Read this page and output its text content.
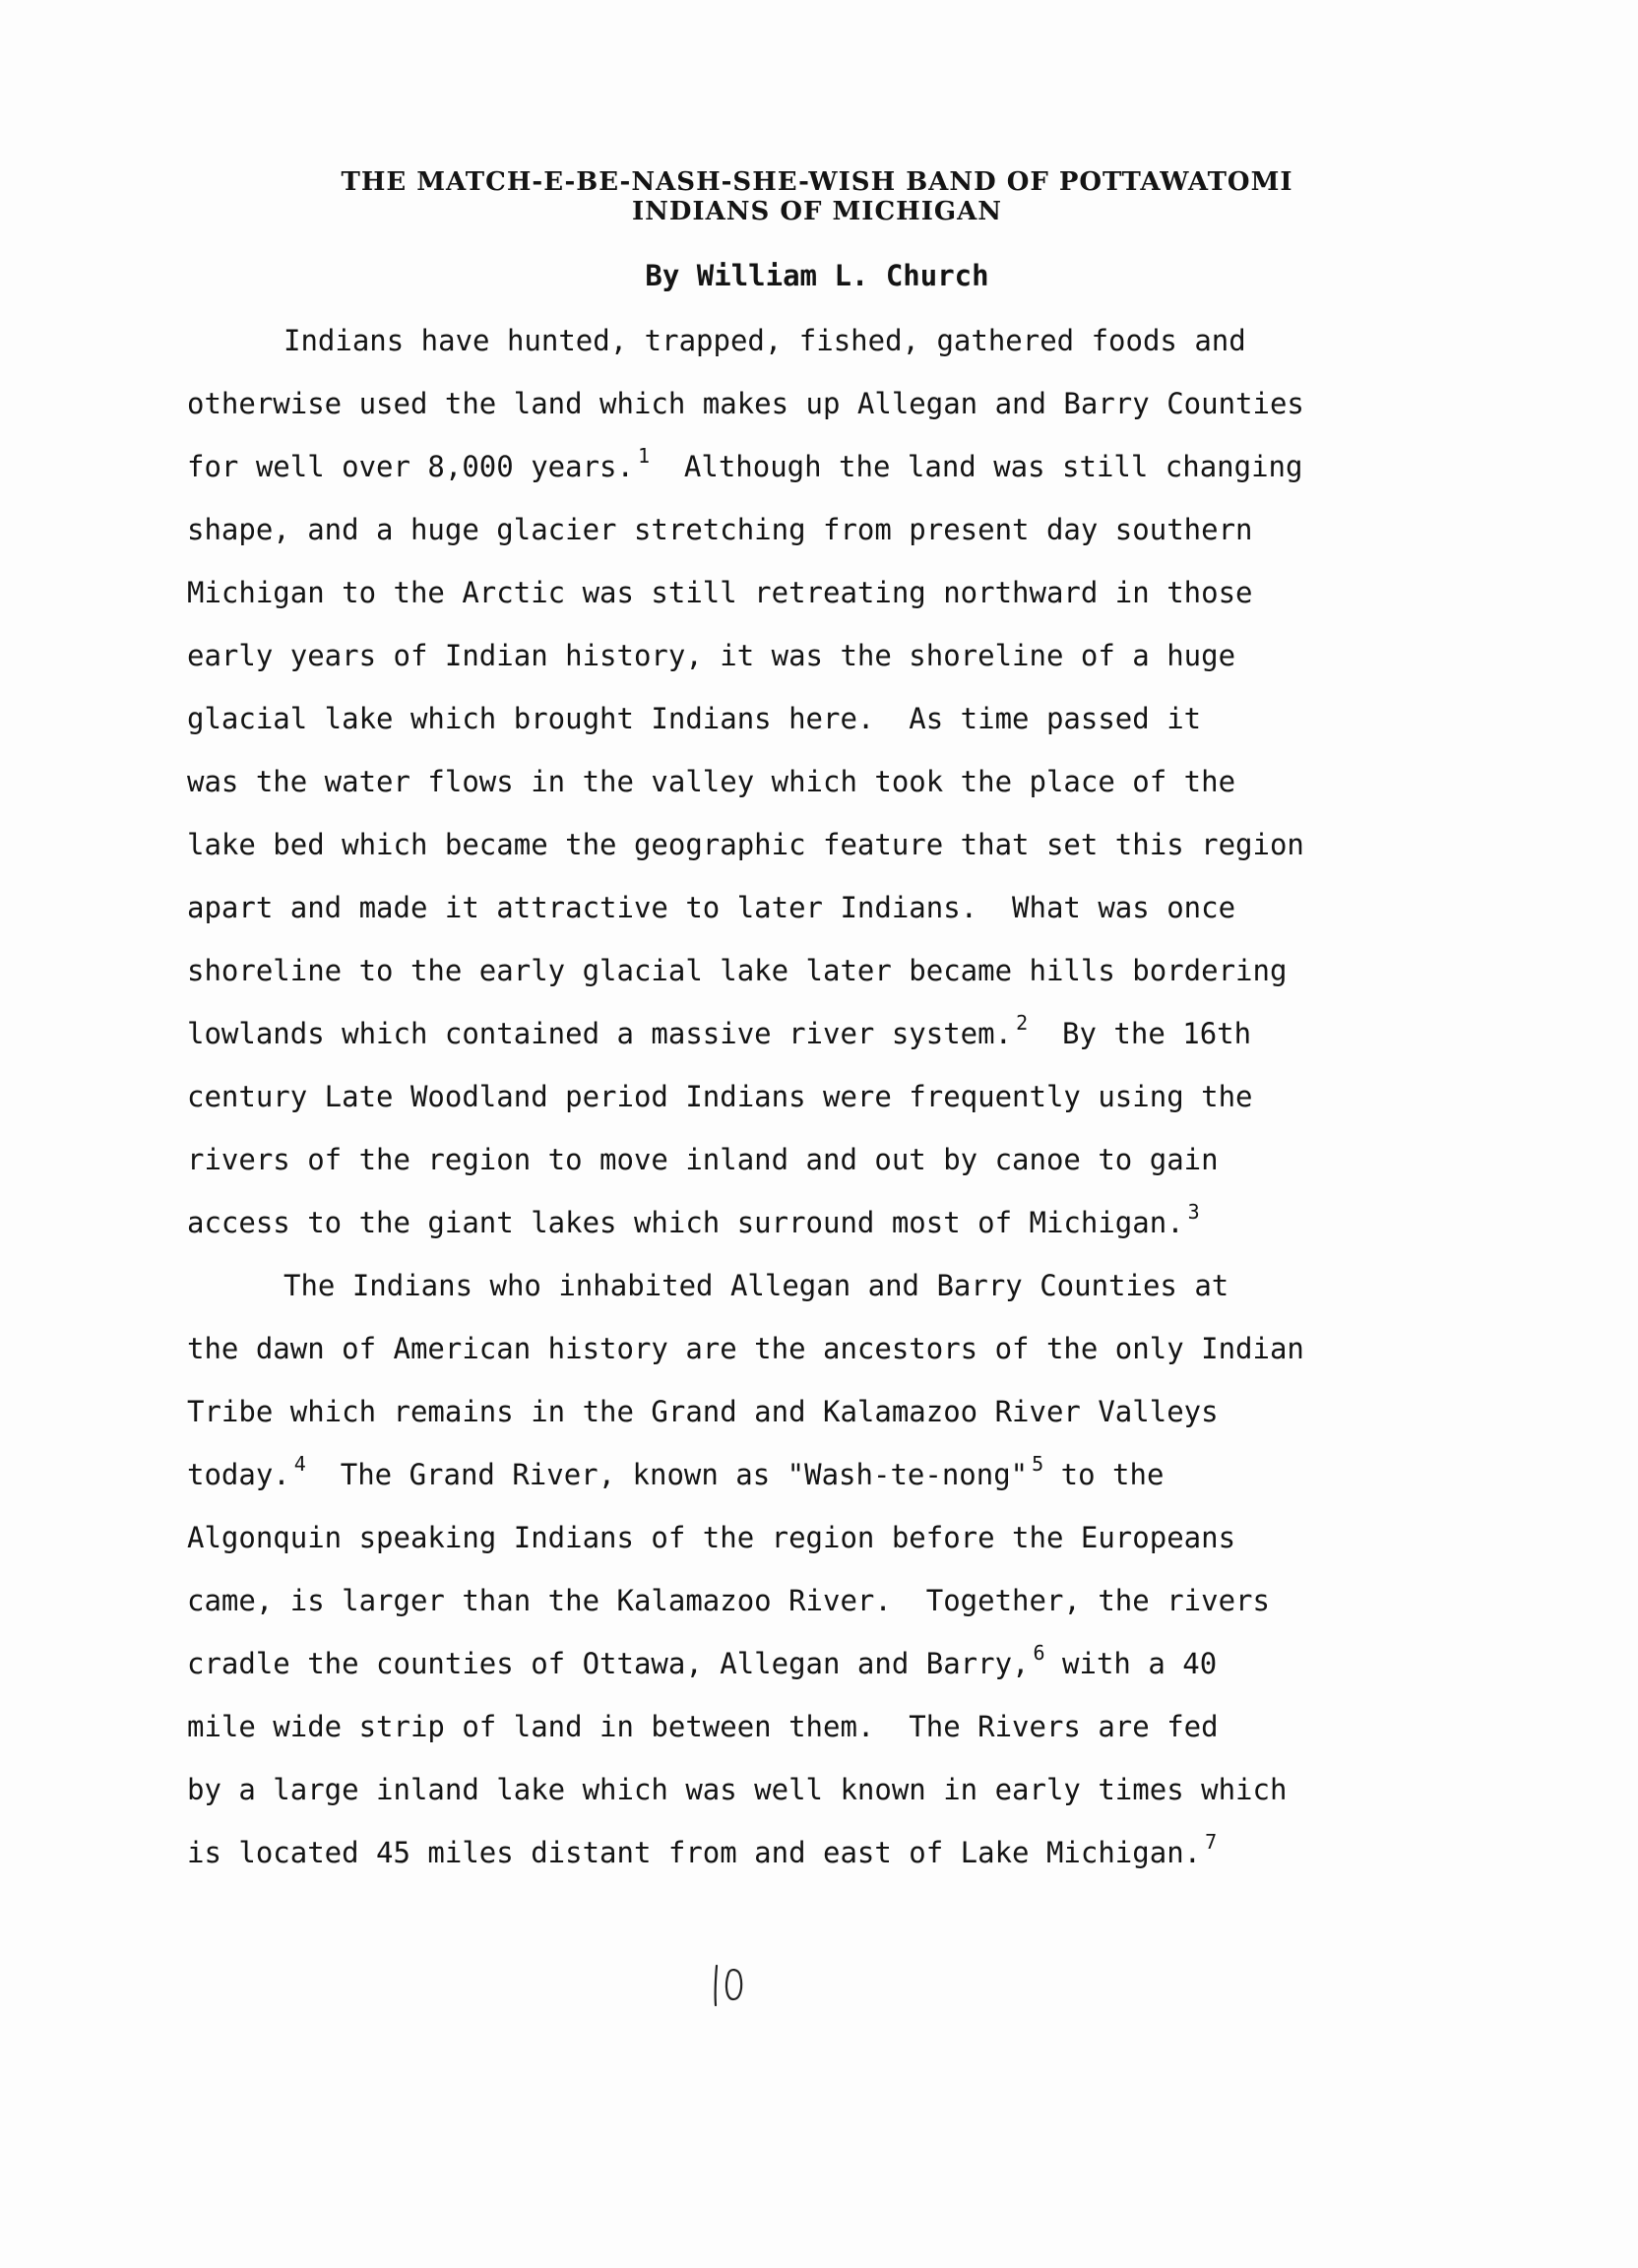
THE MATCH-E-BE-NASH-SHE-WISH BAND OF POTTAWATOMI
INDIANS OF MICHIGAN
By William L. Church
Indians have hunted, trapped, fished, gathered foods and
otherwise used the land which makes up Allegan and Barry Counties
for well over 8,000 years. $^1$ Although the land was still changing
shape, and a huge glacier stretching from present day southern
Michigan to the Arctic was still retreating northward in those
early years of Indian history, it was the shoreline of a huge
glacial lake which brought Indians here.  As time passed it
was the water flows in the valley which took the place of the
lake bed which became the geographic feature that set this region
apart and made it attractive to later Indians.  What was once
shoreline to the early glacial lake later became hills bordering
lowlands which contained a massive river system. $^2$ By the 16th
century Late Woodland period Indians were frequently using the
rivers of the region to move inland and out by canoe to gain
access to the giant lakes which surround most of Michigan. $^3$
The Indians who inhabited Allegan and Barry Counties at
the dawn of American history are the ancestors of the only Indian
Tribe which remains in the Grand and Kalamazoo River Valleys
today. $^4$ The Grand River, known as "Wash-te-nong" $^5$ to the
Algonquin speaking Indians of the region before the Europeans
came, is larger than the Kalamazoo River.  Together, the rivers
cradle the counties of Ottawa, Allegan and Barry, $^6$ with a 40
mile wide strip of land in between them.  The Rivers are fed
by a large inland lake which was well known in early times which
is located 45 miles distant from and east of Lake Michigan. $^7$
